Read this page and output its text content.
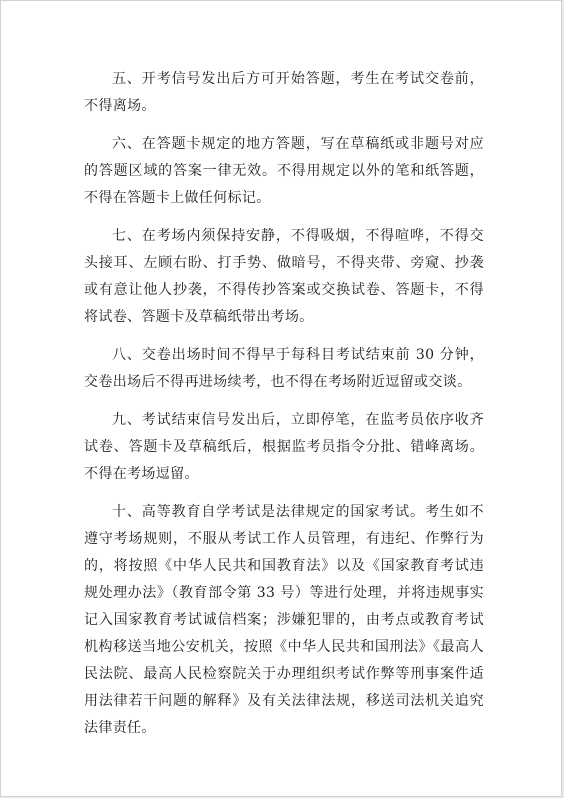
五、开考信号发出后方可开始答题，考生在考试交卷前，不得离场。

六、在答题卡规定的地方答题，写在草稿纸或非题号对应的答题区域的答案一律无效。不得用规定以外的笔和纸答题，不得在答题卡上做任何标记。

七、在考场内须保持安静，不得吸烟，不得喧哗，不得交头接耳、左顾右盼、打手势、做暗号，不得夹带、旁窥、抄袭或有意让他人抄袭，不得传抄答案或交换试卷、答题卡，不得将试卷、答题卡及草稿纸带出考场。

八、交卷出场时间不得早于每科目考试结束前 30 分钟，交卷出场后不得再进场续考，也不得在考场附近逗留或交谈。

九、考试结束信号发出后，立即停笔，在监考员依序收齐试卷、答题卡及草稿纸后，根据监考员指令分批、错峰离场。不得在考场逗留。

十、高等教育自学考试是法律规定的国家考试。考生如不遵守考场规则，不服从考试工作人员管理，有违纪、作弊行为的，将按照《中华人民共和国教育法》以及《国家教育考试违规处理办法》（教育部令第 33 号）等进行处理，并将违规事实记入国家教育考试诚信档案；涉嫌犯罪的，由考点或教育考试机构移送当地公安机关，按照《中华人民共和国刑法》《最高人民法院、最高人民检察院关于办理组织考试作弊等刑事案件适用法律若干问题的解释》及有关法律法规，移送司法机关追究法律责任。
